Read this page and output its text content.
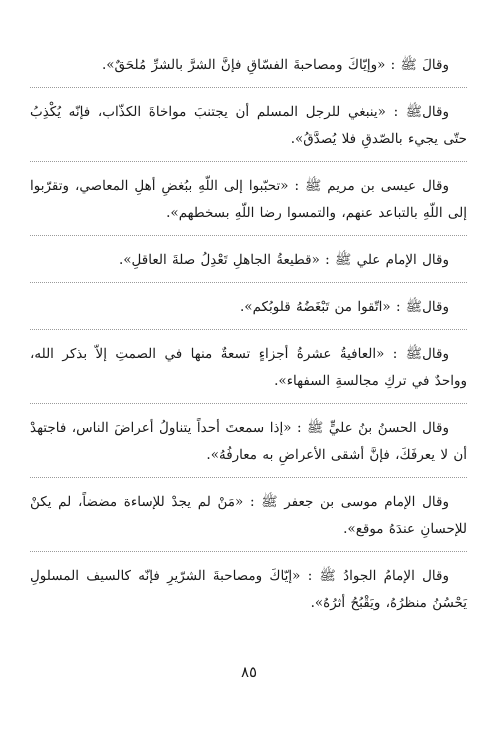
وقالَ ﷺ : «وإيّاكَ ومصاحبةَ الفسّاقِ فإنَّ الشرَّ بالشرِّ مُلحَقٌ».

وقالﷺ : «ينبغي للرجل المسلم أن يجتنبَ مواخاةَ الكذّاب، فإنّه يُكْذِبُ حتّى يجيء بالصّدقِ فلا يُصدَّقُ».

وقال عيسى بن مريم ﷺ : «تحبّبوا إلى اللّهِ ببُغضِ أهلِ المعاصي، وتقرّبوا إلى اللّهِ بالتباعد عنهم، والتمسوا رضا اللّهِ بسخطهم».

وقال الإمام علي ﷺ : «قطيعةُ الجاهلِ تَعْدِلُ صلةَ العاقلِ».

وقالﷺ : «اتّقوا من تَبْغَضُهُ قلوبُكم».

وقالﷺ : «العافيةُ عشرةُ أجزاءٍ تسعةٌ منها في الصمتِ إلاّ بذكر الله، وواحدٌ في تركِ مجالسةِ السفهاء».

وقال الحسنُ بنُ عليٍّ ﷺ : «إذا سمعتَ أحداً يتناولُ أعراضَ الناس، فاجتهدْ أن لا يعرفَكَ، فإنَّ أشقى الأعراضِ به معارفُهُ».

وقال الإمام موسى بن جعفر ﷺ : «مَنْ لم يجدْ للإساءة مضضاً، لم يكنْ للإحسانِ عندَهُ موقع».

وقال الإمامُ الجوادُ ﷺ : «إيّاكَ ومصاحبةَ الشرّيرِ فإنّه كالسيف المسلولِ يَحْسُنُ منظرُهُ، ويَقْبُحُ أثرُهُ».

٨٥
